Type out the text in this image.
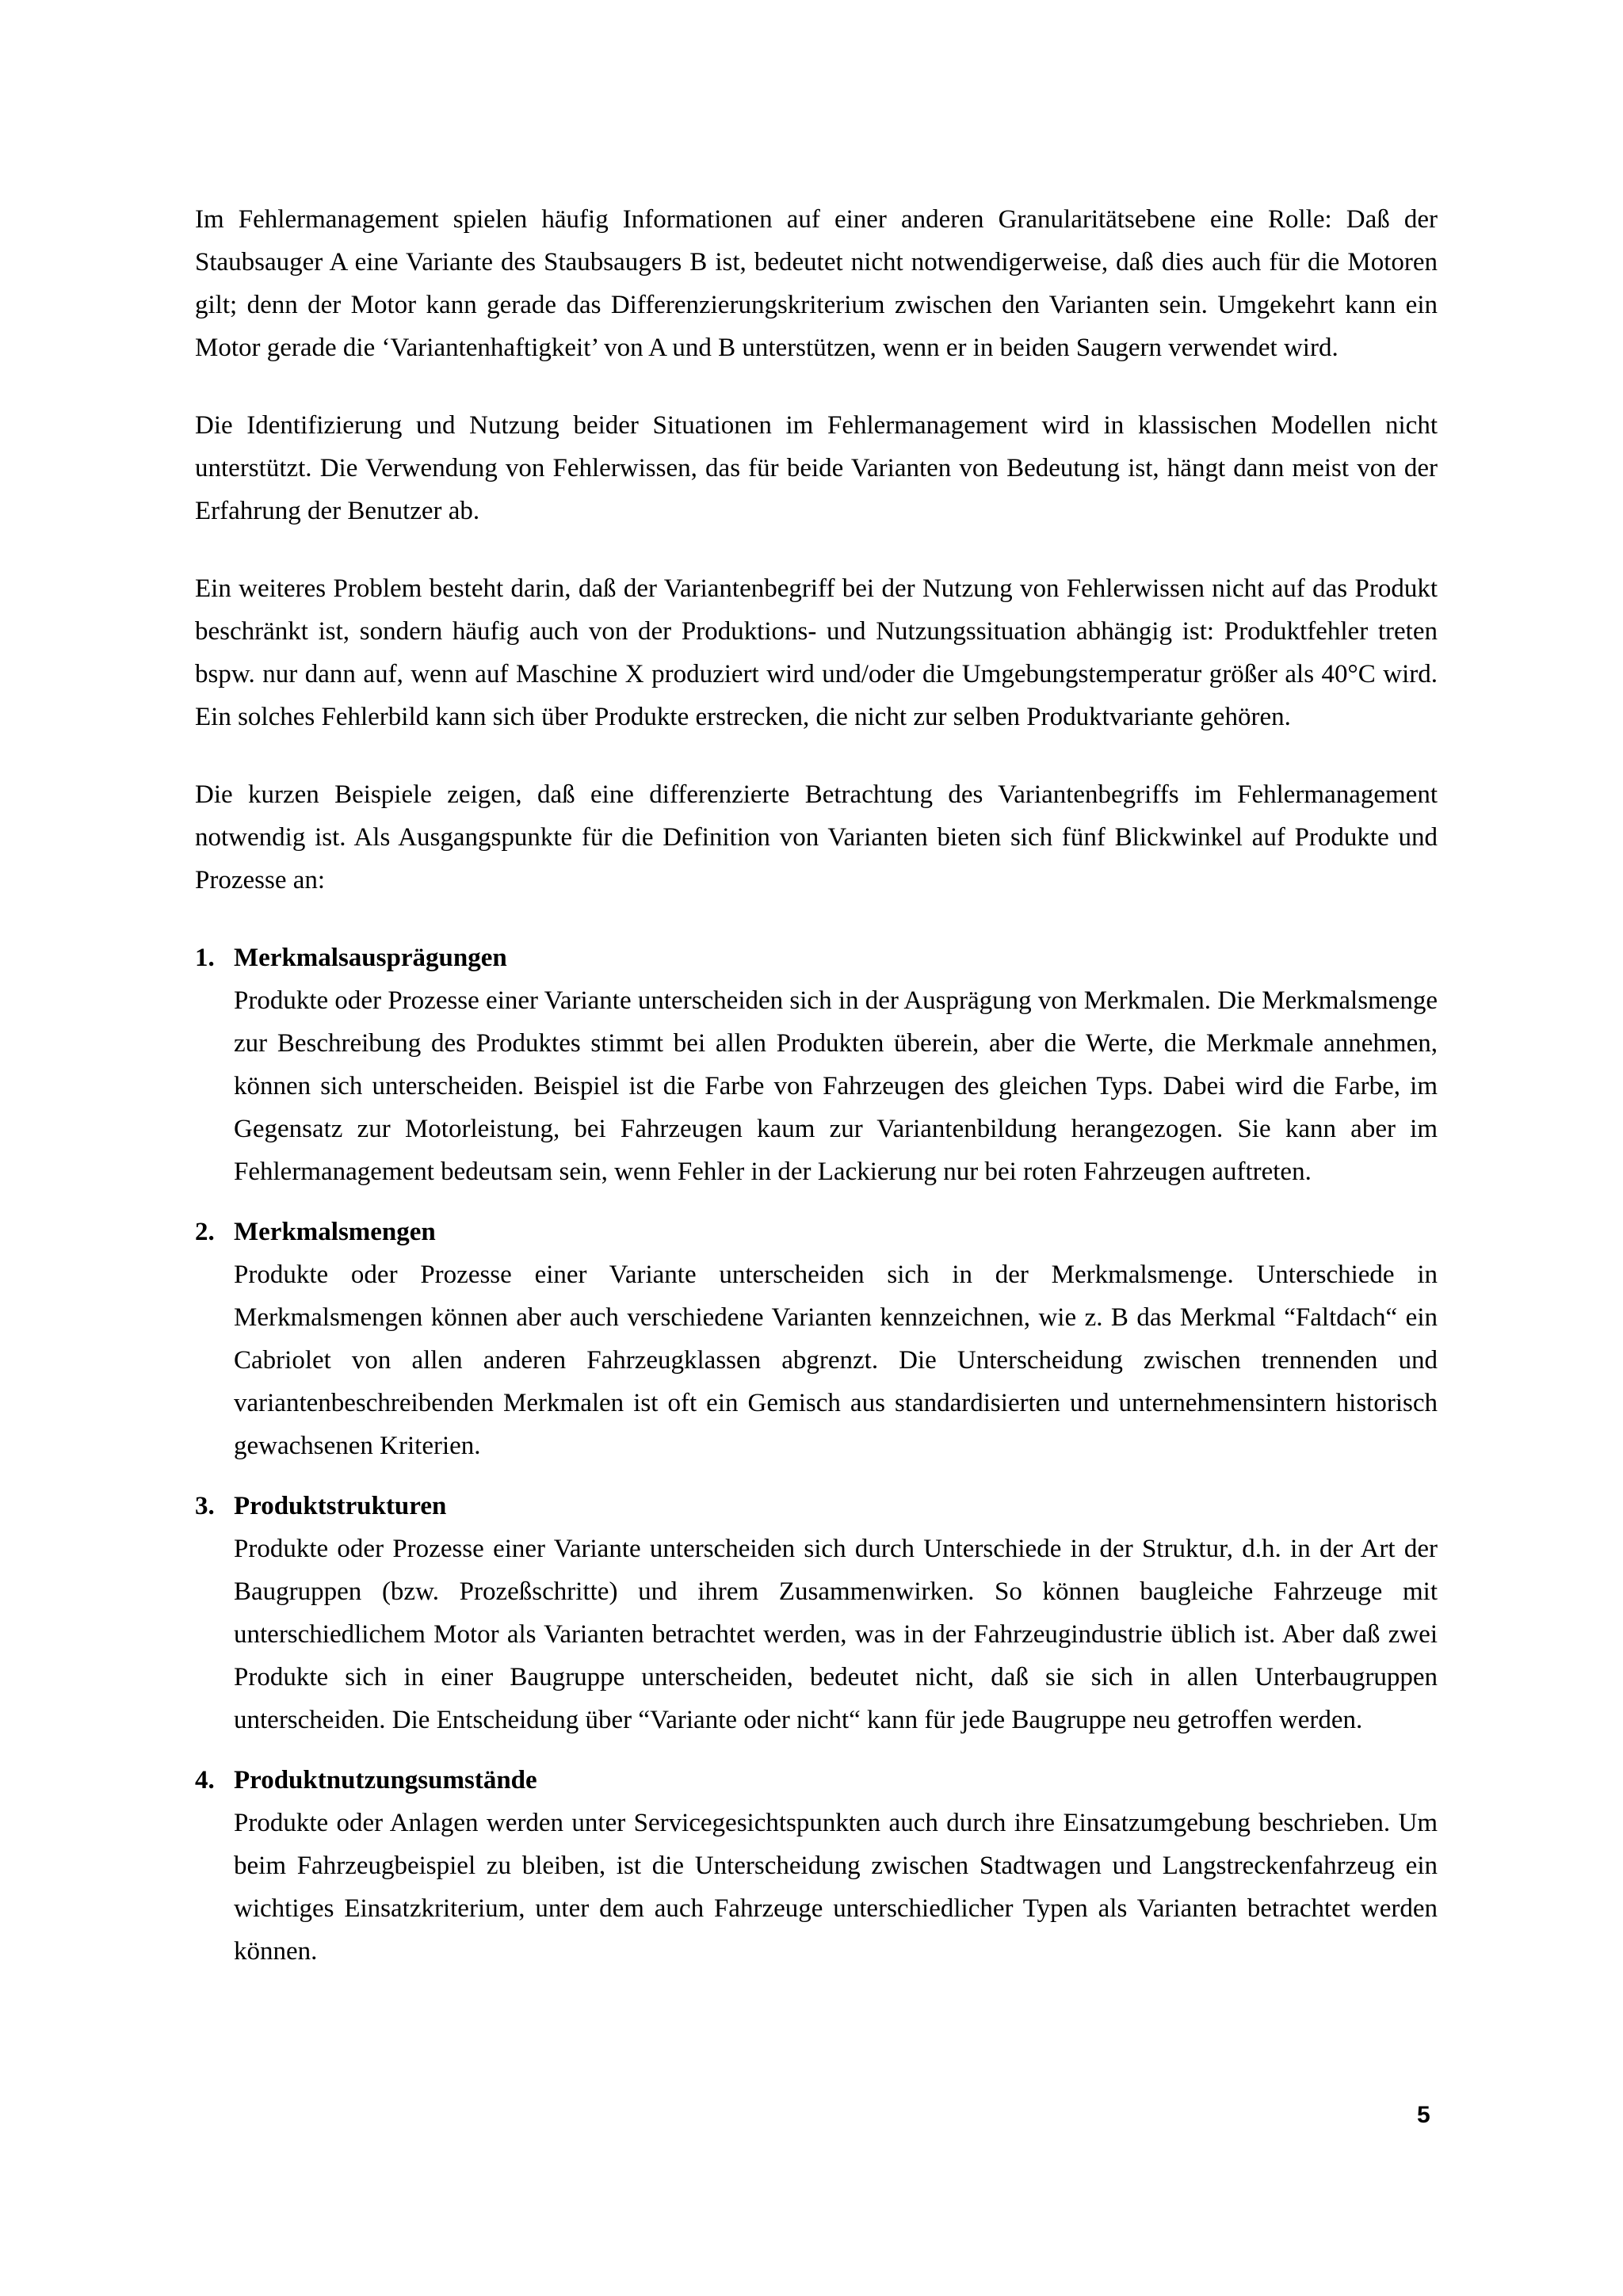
Im Fehlermanagement spielen häufig Informationen auf einer anderen Granularitätsebene eine Rolle: Daß der Staubsauger A eine Variante des Staubsaugers B ist, bedeutet nicht notwendigerweise, daß dies auch für die Motoren gilt; denn der Motor kann gerade das Differenzierungskriterium zwischen den Varianten sein. Umgekehrt kann ein Motor gerade die ‘Variantenhaftigkeit’ von A und B unterstützen, wenn er in beiden Saugern verwendet wird.

Die Identifizierung und Nutzung beider Situationen im Fehlermanagement wird in klassischen Modellen nicht unterstützt. Die Verwendung von Fehlerwissen, das für beide Varianten von Bedeutung ist, hängt dann meist von der Erfahrung der Benutzer ab.

Ein weiteres Problem besteht darin, daß der Variantenbegriff bei der Nutzung von Fehlerwissen nicht auf das Produkt beschränkt ist, sondern häufig auch von der Produktions- und Nutzungssituation abhängig ist: Produktfehler treten bspw. nur dann auf, wenn auf Maschine X produziert wird und/oder die Umgebungstemperatur größer als 40°C wird. Ein solches Fehlerbild kann sich über Produkte erstrecken, die nicht zur selben Produktvariante gehören.

Die kurzen Beispiele zeigen, daß eine differenzierte Betrachtung des Variantenbegriffs im Fehlermanagement notwendig ist. Als Ausgangspunkte für die Definition von Varianten bieten sich fünf Blickwinkel auf Produkte und Prozesse an:

1. Merkmalsausprägungen
Produkte oder Prozesse einer Variante unterscheiden sich in der Ausprägung von Merkmalen. Die Merkmalsmenge zur Beschreibung des Produktes stimmt bei allen Produkten überein, aber die Werte, die Merkmale annehmen, können sich unterscheiden. Beispiel ist die Farbe von Fahrzeugen des gleichen Typs. Dabei wird die Farbe, im Gegensatz zur Motorleistung, bei Fahrzeugen kaum zur Variantenbildung herangezogen. Sie kann aber im Fehlermanagement bedeutsam sein, wenn Fehler in der Lackierung nur bei roten Fahrzeugen auftreten.
2. Merkmalsmengen
Produkte oder Prozesse einer Variante unterscheiden sich in der Merkmalsmenge. Unterschiede in Merkmalsmengen können aber auch verschiedene Varianten kennzeichnen, wie z. B das Merkmal “Faltdach“ ein Cabriolet von allen anderen Fahrzeugklassen abgrenzt. Die Unterscheidung zwischen trennenden und variantenbeschreibenden Merkmalen ist oft ein Gemisch aus standardisierten und unternehmensintern historisch gewachsenen Kriterien.
3. Produktstrukturen
Produkte oder Prozesse einer Variante unterscheiden sich durch Unterschiede in der Struktur, d.h. in der Art der Baugruppen (bzw. Prozeßschritte) und ihrem Zusammenwirken. So können baugleiche Fahrzeuge mit unterschiedlichem Motor als Varianten betrachtet werden, was in der Fahrzeugindustrie üblich ist. Aber daß zwei Produkte sich in einer Baugruppe unterscheiden, bedeutet nicht, daß sie sich in allen Unterbaugruppen unterscheiden. Die Entscheidung über “Variante oder nicht“ kann für jede Baugruppe neu getroffen werden.
4. Produktnutzungsumstände
Produkte oder Anlagen werden unter Servicegesichtspunkten auch durch ihre Einsatzumgebung beschrieben. Um beim Fahrzeugbeispiel zu bleiben, ist die Unterscheidung zwischen Stadtwagen und Langstreckenfahrzeug ein wichtiges Einsatzkriterium, unter dem auch Fahrzeuge unterschiedlicher Typen als Varianten betrachtet werden können.
5
